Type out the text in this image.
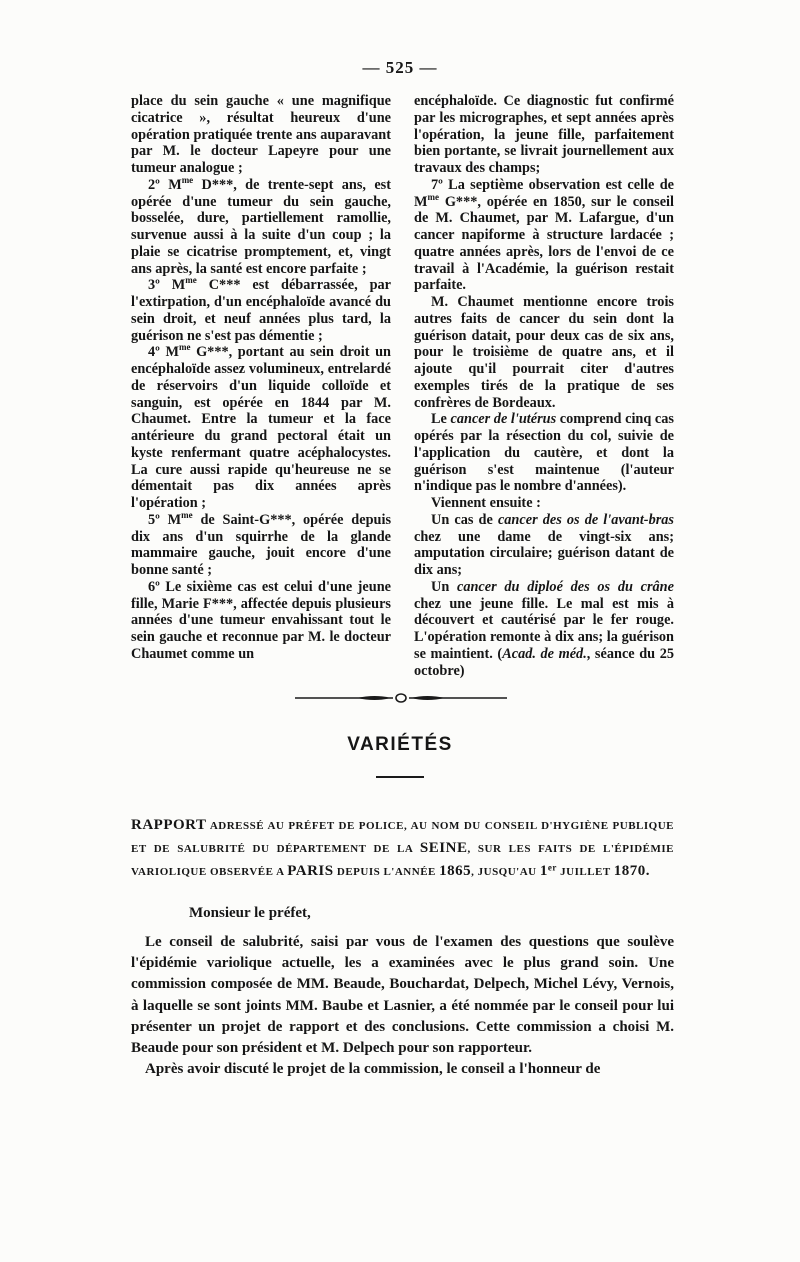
— 525 —

place du sein gauche « une magnifique cicatrice », résultat heureux d'une opération pratiquée trente ans auparavant par M. le docteur Lapeyre pour une tumeur analogue ;

2º $M^{me}$ D***, de trente-sept ans, est opérée d'une tumeur du sein gauche, bosselée, dure, partiellement ramollie, survenue aussi à la suite d'un coup ; la plaie se cicatrise promptement, et, vingt ans après, la santé est encore parfaite ;

3º $M^{me}$ C*** est débarrassée, par l'extirpation, d'un encéphaloïde avancé du sein droit, et neuf années plus tard, la guérison ne s'est pas démentie ;

4º $M^{me}$ G***, portant au sein droit un encéphaloïde assez volumineux, entrelardé de réservoirs d'un liquide colloïde et sanguin, est opérée en 1844 par M. Chaumet. Entre la tumeur et la face antérieure du grand pectoral était un kyste renfermant quatre acéphalocystes. La cure aussi rapide qu'heureuse ne se démentait pas dix années après l'opération ;

5º $M^{me}$ de Saint-G***, opérée depuis dix ans d'un squirrhe de la glande mammaire gauche, jouit encore d'une bonne santé ;

6º Le sixième cas est celui d'une jeune fille, Marie F***, affectée depuis plusieurs années d'une tumeur envahissant tout le sein gauche et reconnue par M. le docteur Chaumet comme un

encéphaloïde. Ce diagnostic fut confirmé par les micrographes, et sept années après l'opération, la jeune fille, parfaitement bien portante, se livrait journellement aux travaux des champs;

7º La septième observation est celle de $M^{me}$ G***, opérée en 1850, sur le conseil de M. Chaumet, par M. Lafargue, d'un cancer napiforme à structure lardacée ; quatre années après, lors de l'envoi de ce travail à l'Académie, la guérison restait parfaite.

M. Chaumet mentionne encore trois autres faits de cancer du sein dont la guérison datait, pour deux cas de six ans, pour le troisième de quatre ans, et il ajoute qu'il pourrait citer d'autres exemples tirés de la pratique de ses confrères de Bordeaux.

Le cancer de l'utérus comprend cinq cas opérés par la résection du col, suivie de l'application du cautère, et dont la guérison s'est maintenue (l'auteur n'indique pas le nombre d'années).

Viennent ensuite :

Un cas de cancer des os de l'avant-bras chez une dame de vingt-six ans; amputation circulaire; guérison datant de dix ans;

Un cancer du diploé des os du crâne chez une jeune fille. Le mal est mis à découvert et cautérisé par le fer rouge. L'opération remonte à dix ans; la guérison se maintient. (Acad. de méd., séance du 25 octobre)

VARIÉTÉS
RAPPORT ADRESSÉ AU PRÉFET DE POLICE, AU NOM DU CONSEIL D'HYGIÈNE PUBLIQUE ET DE SALUBRITÉ DU DÉPARTEMENT DE LA SEINE, SUR LES FAITS DE L'ÉPIDÉMIE VARIOLIQUE OBSERVÉE A PARIS DEPUIS L'ANNÉE 1865, JUSQU'AU 1er JUILLET 1870.
Monsieur le préfet,

Le conseil de salubrité, saisi par vous de l'examen des questions que soulève l'épidémie variolique actuelle, les a examinées avec le plus grand soin. Une commission composée de MM. Beaude, Bouchardat, Delpech, Michel Lévy, Vernois, à laquelle se sont joints MM. Baube et Lasnier, a été nommée par le conseil pour lui présenter un projet de rapport et des conclusions. Cette commission a choisi M. Beaude pour son président et M. Delpech pour son rapporteur.

Après avoir discuté le projet de la commission, le conseil a l'honneur de
